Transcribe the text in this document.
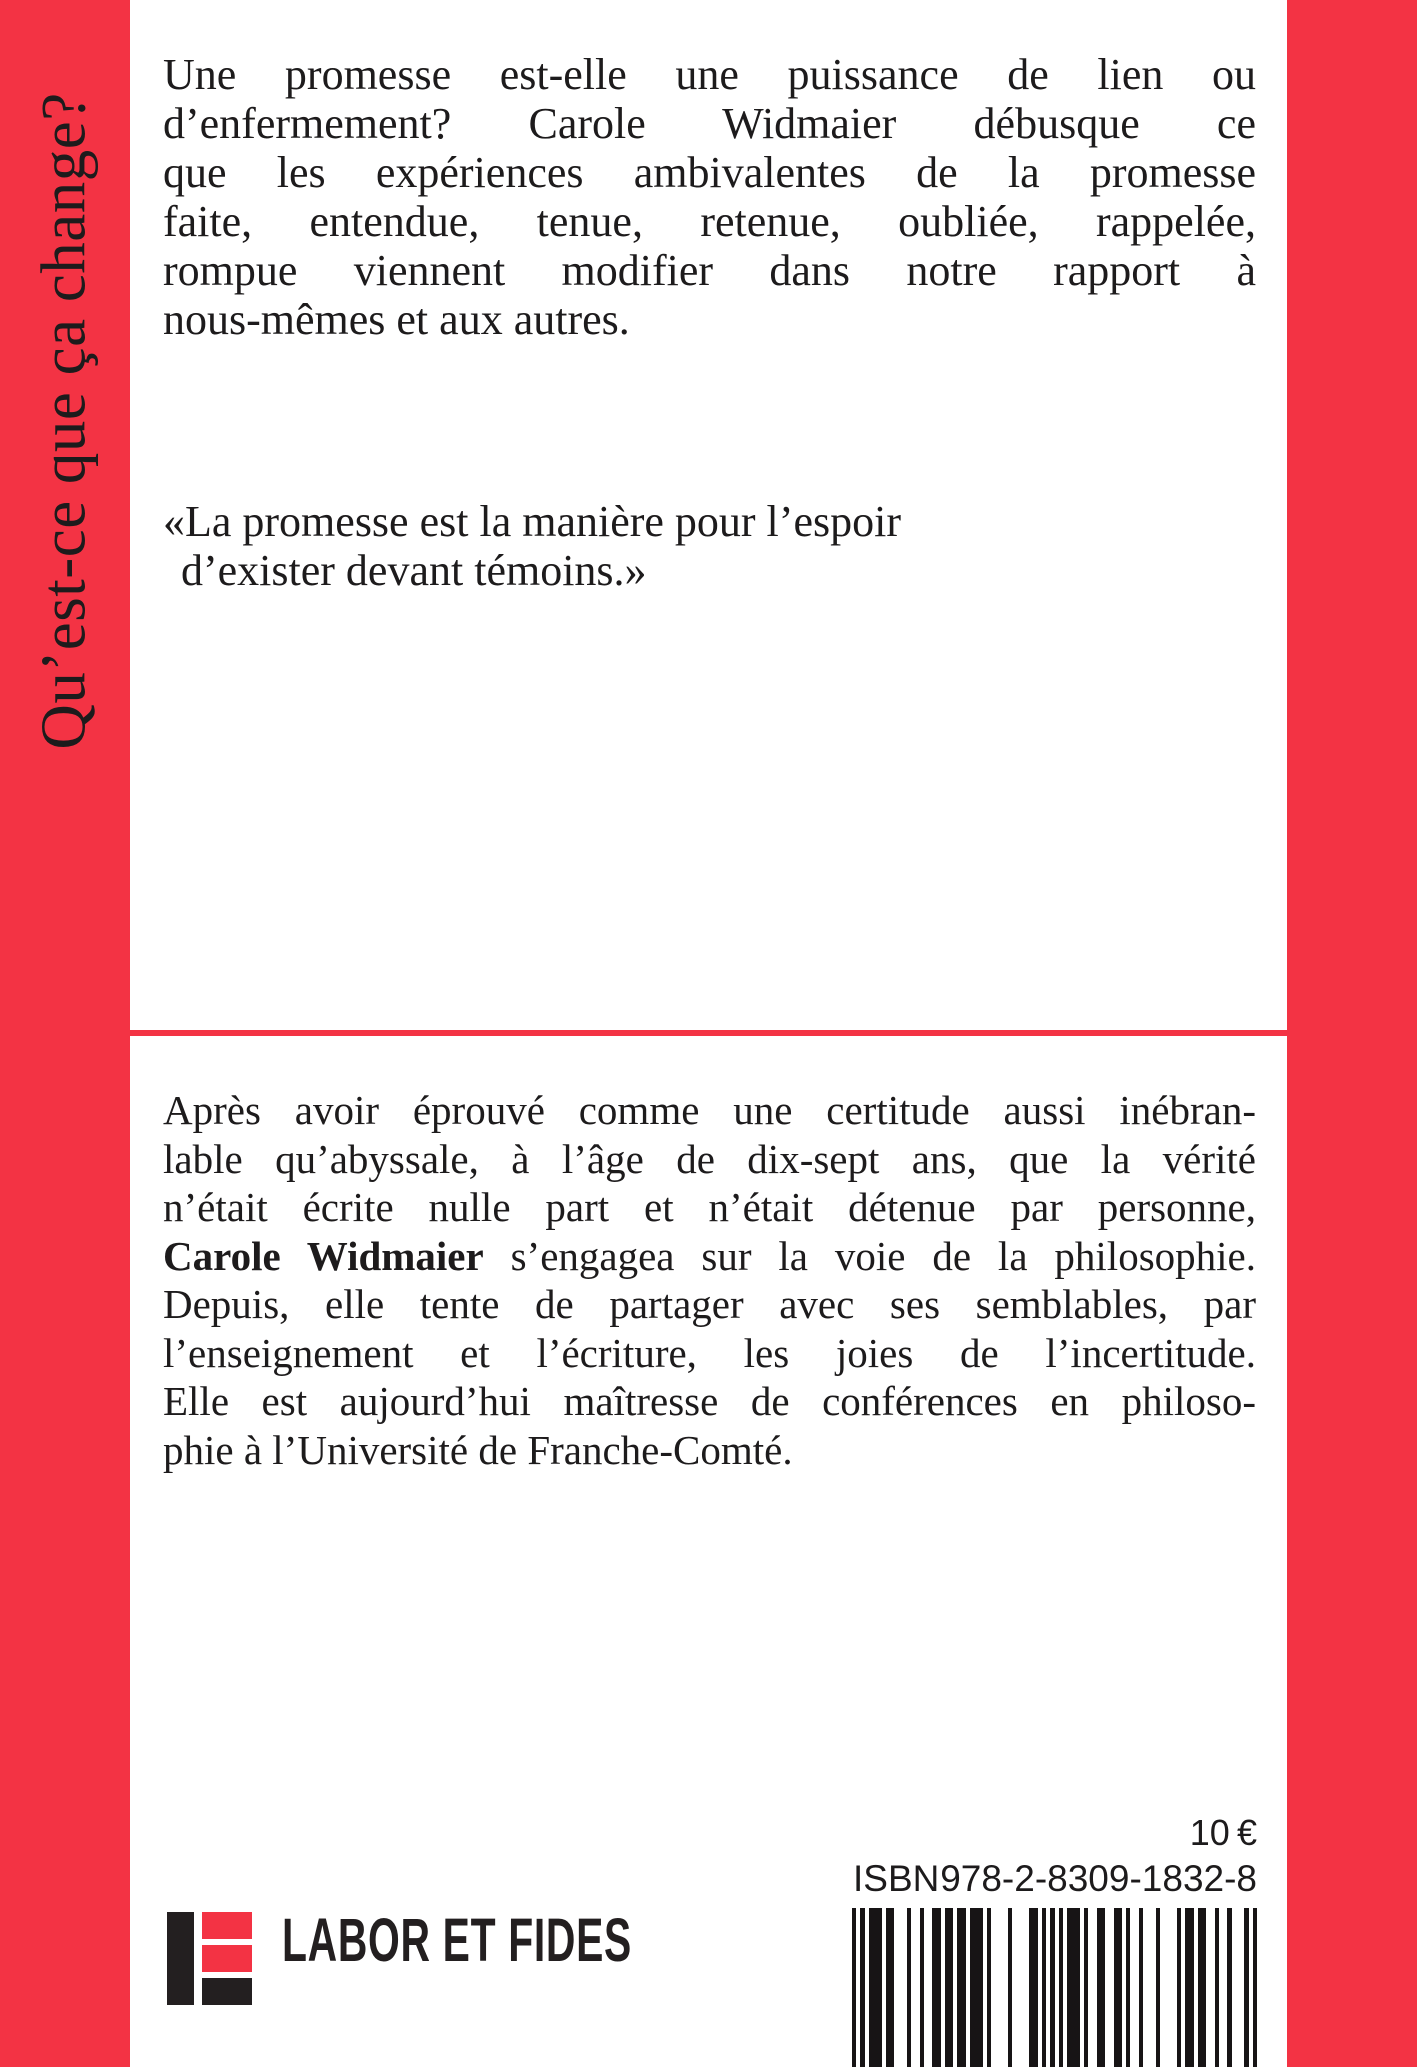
Qu’est-ce que ça change?
Une promesse est-elle une puissance de lien ou
d’enfermement? Carole Widmaier débusque ce
que les expériences ambivalentes de la promesse
faite, entendue, tenue, retenue, oubliée, rappelée,
rompue viennent modifier dans notre rapport à
nous-mêmes et aux autres.
«La promesse est la manière pour l’espoir
d’exister devant témoins.»
Après avoir éprouvé comme une certitude aussi inébran-
lable qu’abyssale, à l’âge de dix-sept ans, que la vérité
n’était écrite nulle part et n’était détenue par personne,
Carole Widmaier s’engagea sur la voie de la philosophie.
Depuis, elle tente de partager avec ses semblables, par
l’enseignement et l’écriture, les joies de l’incertitude.
Elle est aujourd’hui maîtresse de conférences en philoso-
phie à l’Université de Franche-Comté.
10 €
ISBN 978-2-8309-1832-8
LABOR ET FIDES
